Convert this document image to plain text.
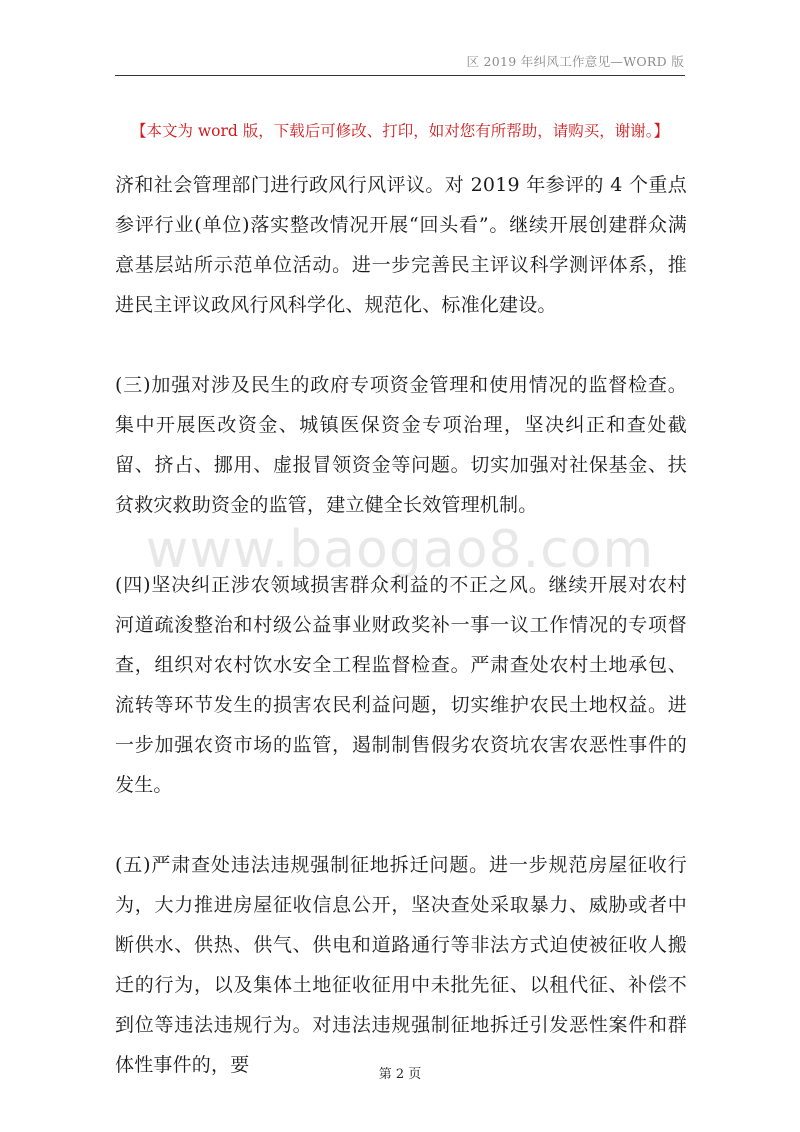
区 2019 年纠风工作意见—WORD 版
【本文为 word 版，下载后可修改、打印，如对您有所帮助，请购买，谢谢。】

济和社会管理部门进行政风行风评议。对 2019 年参评的 4 个重点参评行业(单位)落实整改情况开展“回头看”。继续开展创建群众满意基层站所示范单位活动。进一步完善民主评议科学测评体系，推进民主评议政风行风科学化、规范化、标准化建设。

(三)加强对涉及民生的政府专项资金管理和使用情况的监督检查。集中开展医改资金、城镇医保资金专项治理，坚决纠正和查处截留、挤占、挪用、虚报冒领资金等问题。切实加强对社保基金、扶贫救灾救助资金的监管，建立健全长效管理机制。

(四)坚决纠正涉农领域损害群众利益的不正之风。继续开展对农村河道疏浚整治和村级公益事业财政奖补一事一议工作情况的专项督查，组织对农村饮水安全工程监督检查。严肃查处农村土地承包、流转等环节发生的损害农民利益问题，切实维护农民土地权益。进一步加强农资市场的监管，遏制制售假劣农资坑农害农恶性事件的发生。

(五)严肃查处违法违规强制征地拆迁问题。进一步规范房屋征收行为，大力推进房屋征收信息公开，坚决查处采取暴力、威胁或者中断供水、供热、供气、供电和道路通行等非法方式迫使被征收人搬迁的行为，以及集体土地征收征用中未批先征、以租代征、补偿不到位等违法违规行为。对违法违规强制征地拆迁引发恶性案件和群体性事件的，要

www.baogao8.com
第 2 页
